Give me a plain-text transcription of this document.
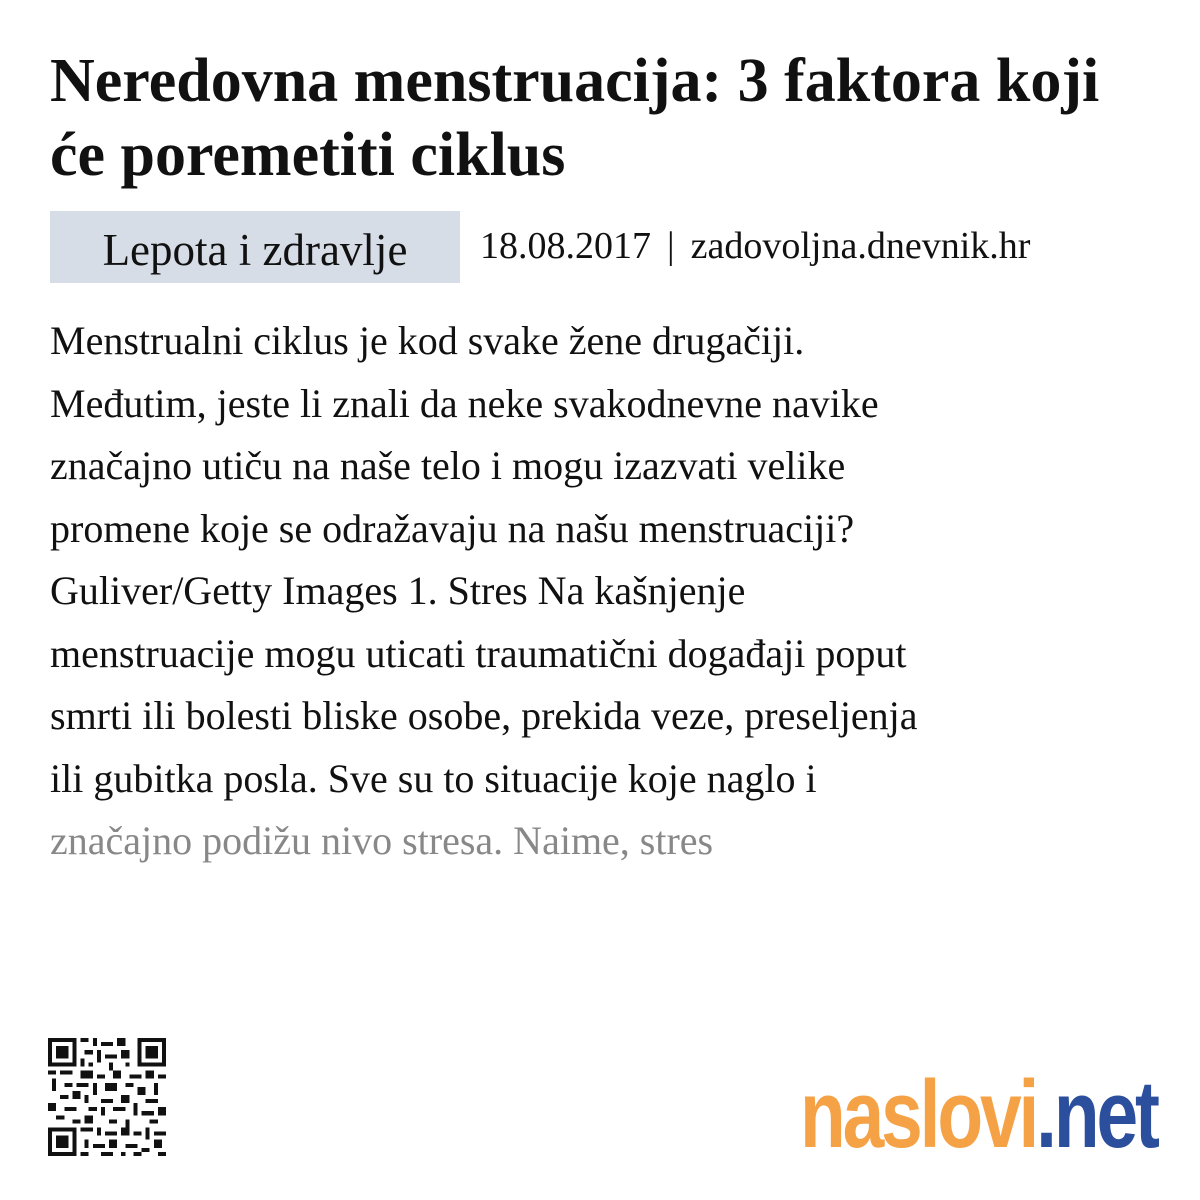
Neredovna menstruacija: 3 faktora koji će poremetiti ciklus
Lepota i zdravlje	18.08.2017 | zadovoljna.dnevnik.hr
Menstrualni ciklus je kod svake žene drugačiji.
Međutim, jeste li znali da neke svakodnevne navike
značajno utiču na naše telo i mogu izazvati velike
promene koje se odražavaju na našu menstruaciji?
Guliver/Getty Images 1. Stres Na kašnjenje
menstruacije mogu uticati traumatični događaji poput
smrti ili bolesti bliske osobe, prekida veze, preseljenja
ili gubitka posla. Sve su to situacije koje naglo i
značajno podižu nivo stresa. Naime, stres
naslovi.net
